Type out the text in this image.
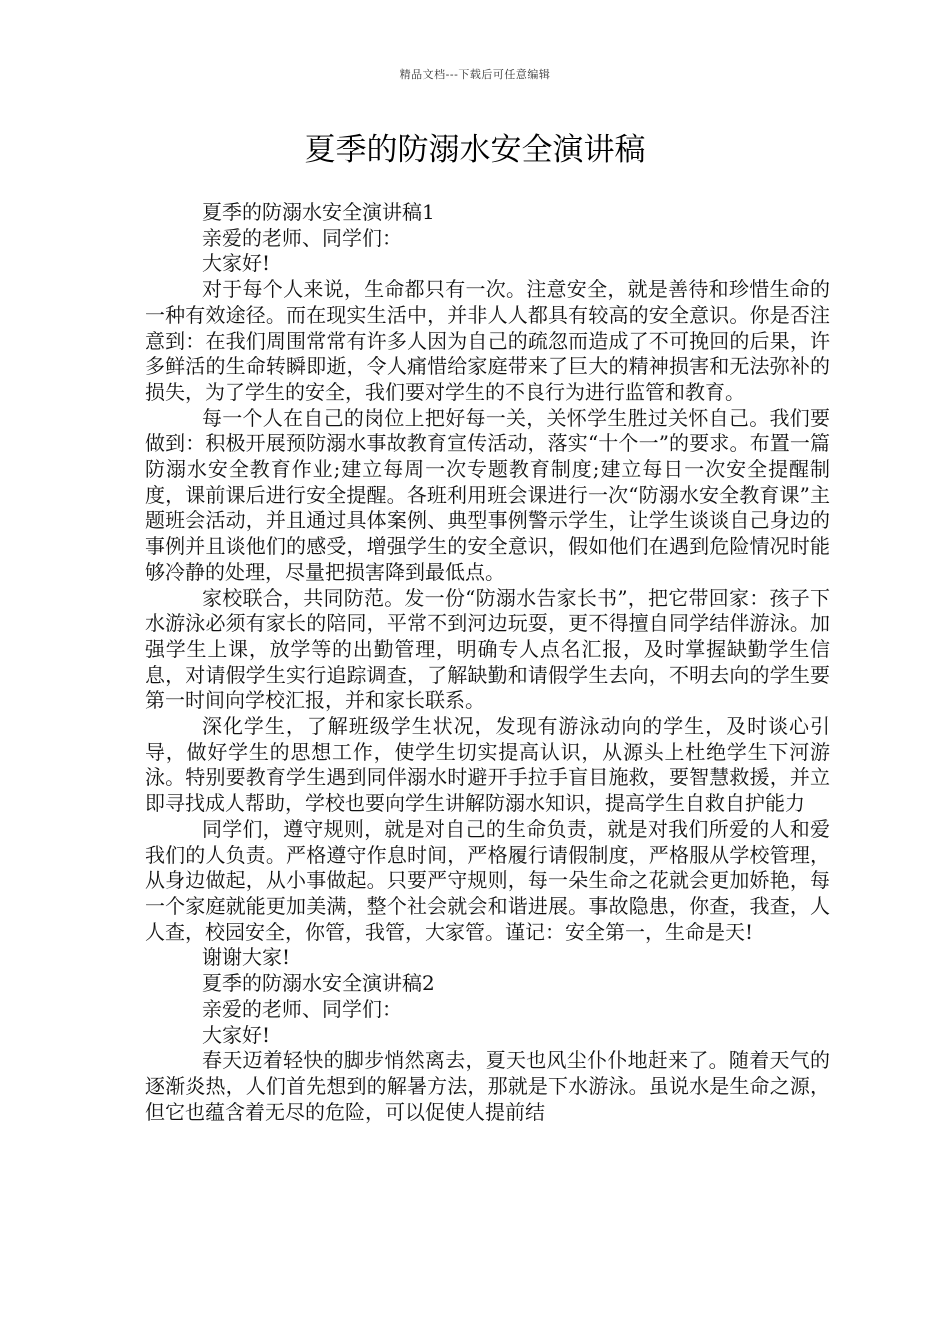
精品文档---下载后可任意编辑
夏季的防溺水安全演讲稿

夏季的防溺水安全演讲稿1

亲爱的老师、同学们：

大家好!

对于每个人来说，生命都只有一次。注意安全，就是善待和珍惜生命的一种有效途径。而在现实生活中，并非人人都具有较高的安全意识。你是否注意到：在我们周围常常有许多人因为自己的疏忽而造成了不可挽回的后果，许多鲜活的生命转瞬即逝，令人痛惜给家庭带来了巨大的精神损害和无法弥补的损失，为了学生的安全，我们要对学生的不良行为进行监管和教育。

每一个人在自己的岗位上把好每一关，关怀学生胜过关怀自己。我们要做到：积极开展预防溺水事故教育宣传活动，落实“十个一”的要求。布置一篇防溺水安全教育作业;建立每周一次专题教育制度;建立每日一次安全提醒制度，课前课后进行安全提醒。各班利用班会课进行一次“防溺水安全教育课”主题班会活动，并且通过具体案例、典型事例警示学生，让学生谈谈自己身边的事例并且谈他们的感受，增强学生的安全意识，假如他们在遇到危险情况时能够冷静的处理，尽量把损害降到最低点。

家校联合，共同防范。发一份“防溺水告家长书”，把它带回家：孩子下水游泳必须有家长的陪同，平常不到河边玩耍，更不得擅自同学结伴游泳。加强学生上课，放学等的出勤管理，明确专人点名汇报，及时掌握缺勤学生信息，对请假学生实行追踪调查，了解缺勤和请假学生去向，不明去向的学生要第一时间向学校汇报，并和家长联系。

深化学生，了解班级学生状况，发现有游泳动向的学生，及时谈心引导，做好学生的思想工作，使学生切实提高认识，从源头上杜绝学生下河游泳。特别要教育学生遇到同伴溺水时避开手拉手盲目施救，要智慧救援，并立即寻找成人帮助，学校也要向学生讲解防溺水知识，提高学生自救自护能力

同学们，遵守规则，就是对自己的生命负责，就是对我们所爱的人和爱我们的人负责。严格遵守作息时间，严格履行请假制度，严格服从学校管理，从身边做起，从小事做起。只要严守规则，每一朵生命之花就会更加娇艳，每一个家庭就能更加美满，整个社会就会和谐进展。事故隐患，你查，我查，人人查，校园安全，你管，我管，大家管。谨记：安全第一，生命是天!

谢谢大家!

夏季的防溺水安全演讲稿2

亲爱的老师、同学们：

大家好!

春天迈着轻快的脚步悄然离去，夏天也风尘仆仆地赶来了。随着天气的逐渐炎热，人们首先想到的解暑方法，那就是下水游泳。虽说水是生命之源，但它也蕴含着无尽的危险，可以促使人提前结
